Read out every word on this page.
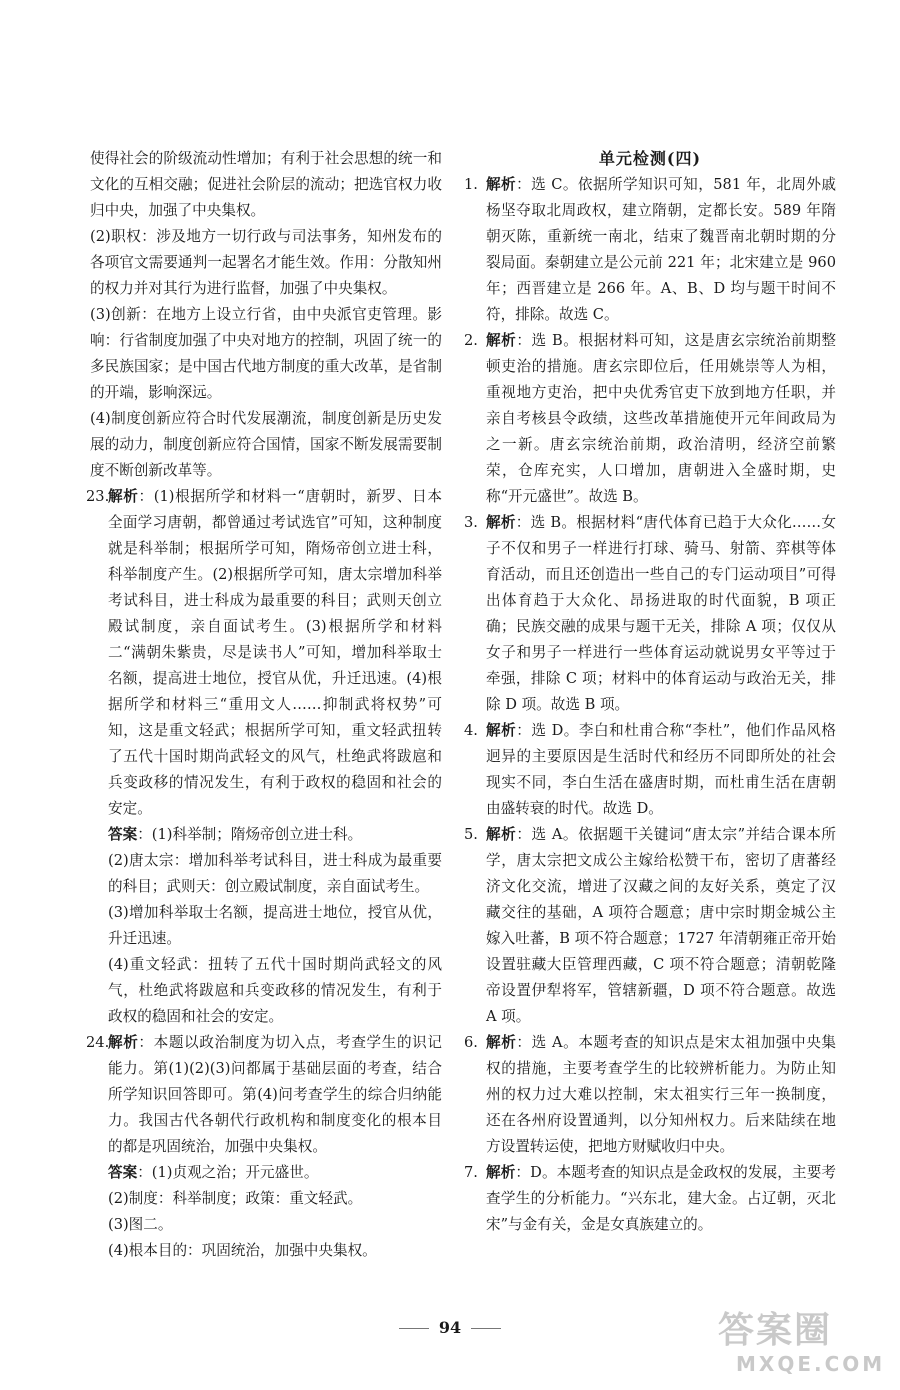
使得社会的阶级流动性增加；有利于社会思想的统一和文化的互相交融；促进社会阶层的流动；把选官权力收归中央，加强了中央集权。

(2)职权：涉及地方一切行政与司法事务，知州发布的各项官文需要通判一起署名才能生效。作用：分散知州的权力并对其行为进行监督，加强了中央集权。

(3)创新：在地方上设立行省，由中央派官吏管理。影响：行省制度加强了中央对地方的控制，巩固了统一的多民族国家；是中国古代地方制度的重大改革，是省制的开端，影响深远。

(4)制度创新应符合时代发展潮流，制度创新是历史发展的动力，制度创新应符合国情，国家不断发展需要制度不断创新改革等。

23.
解析：(1)根据所学和材料一“唐朝时，新罗、日本全面学习唐朝，都曾通过考试选官”可知，这种制度就是科举制；根据所学可知，隋炀帝创立进士科，科举制度产生。(2)根据所学可知，唐太宗增加科举考试科目，进士科成为最重要的科目；武则天创立殿试制度，亲自面试考生。(3)根据所学和材料二“满朝朱紫贵，尽是读书人”可知，增加科举取士名额，提高进士地位，授官从优，升迁迅速。(4)根据所学和材料三“重用文人……抑制武将权势”可知，这是重文轻武；根据所学可知，重文轻武扭转了五代十国时期尚武轻文的风气，杜绝武将跋扈和兵变政移的情况发生，有利于政权的稳固和社会的安定。

答案：(1)科举制；隋炀帝创立进士科。

(2)唐太宗：增加科举考试科目，进士科成为最重要的科目；武则天：创立殿试制度，亲自面试考生。

(3)增加科举取士名额，提高进士地位，授官从优，升迁迅速。

(4)重文轻武：扭转了五代十国时期尚武轻文的风气，杜绝武将跋扈和兵变政移的情况发生，有利于政权的稳固和社会的安定。

24.
解析：本题以政治制度为切入点，考查学生的识记能力。第(1)(2)(3)问都属于基础层面的考查，结合所学知识回答即可。第(4)问考查学生的综合归纳能力。我国古代各朝代行政机构和制度变化的根本目的都是巩固统治，加强中央集权。

答案：(1)贞观之治；开元盛世。

(2)制度：科举制度；政策：重文轻武。

(3)图二。

(4)根本目的：巩固统治，加强中央集权。

单元检测(四)

1. 解析：选 C。依据所学知识可知，581 年，北周外戚杨坚夺取北周政权，建立隋朝，定都长安。589 年隋朝灭陈，重新统一南北，结束了魏晋南北朝时期的分裂局面。秦朝建立是公元前 221 年；北宋建立是 960 年；西晋建立是 266 年。A、B、D 均与题干时间不符，排除。故选 C。

2. 解析：选 B。根据材料可知，这是唐玄宗统治前期整顿吏治的措施。唐玄宗即位后，任用姚崇等人为相，重视地方吏治，把中央优秀官吏下放到地方任职，并亲自考核县令政绩，这些改革措施使开元年间政局为之一新。唐玄宗统治前期，政治清明，经济空前繁荣，仓库充实，人口增加，唐朝进入全盛时期，史称“开元盛世”。故选 B。

3. 解析：选 B。根据材料“唐代体育已趋于大众化……女子不仅和男子一样进行打球、骑马、射箭、弈棋等体育活动，而且还创造出一些自己的专门运动项目”可得出体育趋于大众化、昂扬进取的时代面貌，B 项正确；民族交融的成果与题干无关，排除 A 项；仅仅从女子和男子一样进行一些体育运动就说男女平等过于牵强，排除 C 项；材料中的体育运动与政治无关，排除 D 项。故选 B 项。

4. 解析：选 D。李白和杜甫合称“李杜”，他们作品风格迥异的主要原因是生活时代和经历不同即所处的社会现实不同，李白生活在盛唐时期，而杜甫生活在唐朝由盛转衰的时代。故选 D。

5. 解析：选 A。依据题干关键词“唐太宗”并结合课本所学，唐太宗把文成公主嫁给松赞干布，密切了唐蕃经济文化交流，增进了汉藏之间的友好关系，奠定了汉藏交往的基础，A 项符合题意；唐中宗时期金城公主嫁入吐蕃，B 项不符合题意；1727 年清朝雍正帝开始设置驻藏大臣管理西藏，C 项不符合题意；清朝乾隆帝设置伊犁将军，管辖新疆，D 项不符合题意。故选 A 项。

6. 解析：选 A。本题考查的知识点是宋太祖加强中央集权的措施，主要考查学生的比较辨析能力。为防止知州的权力过大难以控制，宋太祖实行三年一换制度，还在各州府设置通判，以分知州权力。后来陆续在地方设置转运使，把地方财赋收归中央。

7. 解析：D。本题考查的知识点是金政权的发展，主要考查学生的分析能力。“兴东北，建大金。占辽朝，灭北宋”与金有关，金是女真族建立的。

94	答案圈
MXQE.COM
